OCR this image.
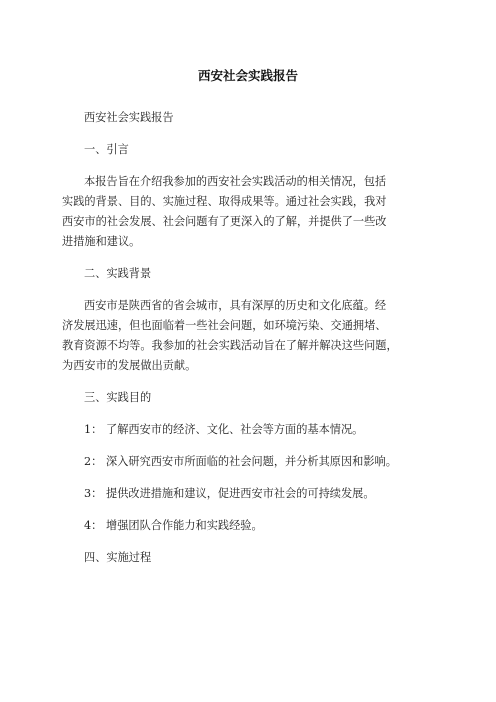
西安社会实践报告

西安社会实践报告

一、引言

本报告旨在介绍我参加的西安社会实践活动的相关情况，包括
实践的背景、目的、实施过程、取得成果等。通过社会实践，我对
西安市的社会发展、社会问题有了更深入的了解，并提供了一些改
进措施和建议。

二、实践背景

西安市是陕西省的省会城市，具有深厚的历史和文化底蕴。经
济发展迅速，但也面临着一些社会问题，如环境污染、交通拥堵、
教育资源不均等。我参加的社会实践活动旨在了解并解决这些问题，
为西安市的发展做出贡献。

三、实践目的

1： 了解西安市的经济、文化、社会等方面的基本情况。
2： 深入研究西安市所面临的社会问题，并分析其原因和影响。
3： 提供改进措施和建议，促进西安市社会的可持续发展。
4： 增强团队合作能力和实践经验。

四、实施过程
